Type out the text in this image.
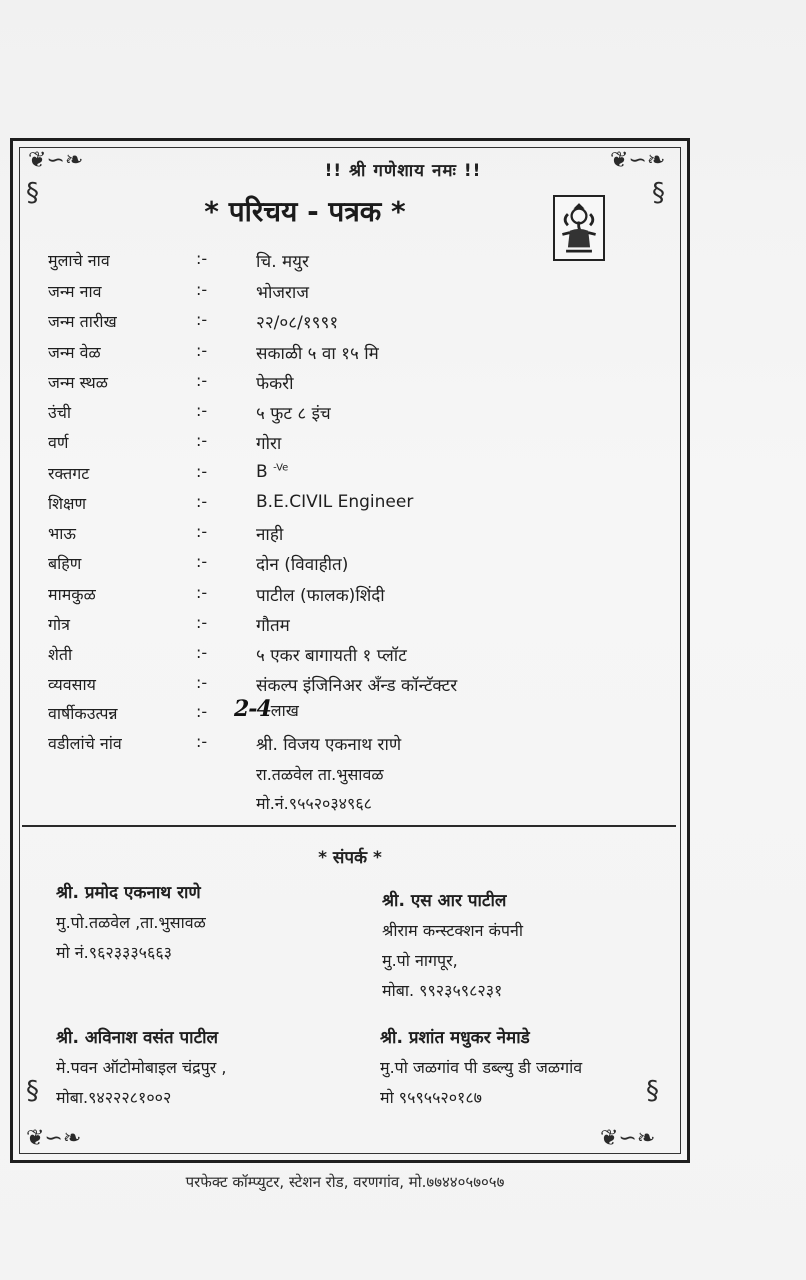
❦∽❧	❦∽❧
❦∽❧	❦∽❧
§	§
§	§
!! श्री गणेशाय नमः !!
* परिचय - पत्रक *
मुलाचे नाव	:-	चि. मयुर
जन्म नाव	:-	भोजराज
जन्म तारीख	:-	२२/०८/१९९१
जन्म वेळ	:-	सकाळी ५ वा १५ मि
जन्म स्थळ	:-	फेकरी
उंची	:-	५ फुट ८ इंच
वर्ण	:-	गोरा
रक्तगट	:-	B $^{-Ve}$
शिक्षण	:-	B.E.CIVIL Engineer
भाऊ	:-	नाही
बहिण	:-	दोन (विवाहीत)
मामकुळ	:-	पाटील (फालक)शिंदी
गोत्र	:-	गौतम
शेती	:-	५ एकर बागायती १ प्लॉट
व्यवसाय	:-	संकल्प इंजिनिअर अँन्ड कॉन्टॅक्टर
वार्षीकउत्पन्न	:-	2-4लाख
वडीलांचे नांव	:-	श्री. विजय एकनाथ राणे
रा.तळवेल ता.भुसावळ
मो.नं.९५५२०३४९६८
* संपर्क *
श्री. प्रमोद एकनाथ राणे
मु.पो.तळवेल ,ता.भुसावळ
मो नं.९६२३३३५६६३
श्री. एस आर पाटील
श्रीराम कन्स्टक्शन कंपनी
मु.पो नागपूर,
मोबा. ९९२३५९८२३१
श्री. अविनाश वसंत पाटील
मे.पवन ऑटोमोबाइल चंद्रपुर ,
मोबा.९४२२२८१००२
श्री. प्रशांत मधुकर नेमाडे
मु.पो जळगांव पी डब्ल्यु डी जळगांव
मो ९५९५५२०१८७
परफेक्ट कॉम्प्युटर, स्टेशन रोड, वरणगांव, मो.७७४४०५७०५७
